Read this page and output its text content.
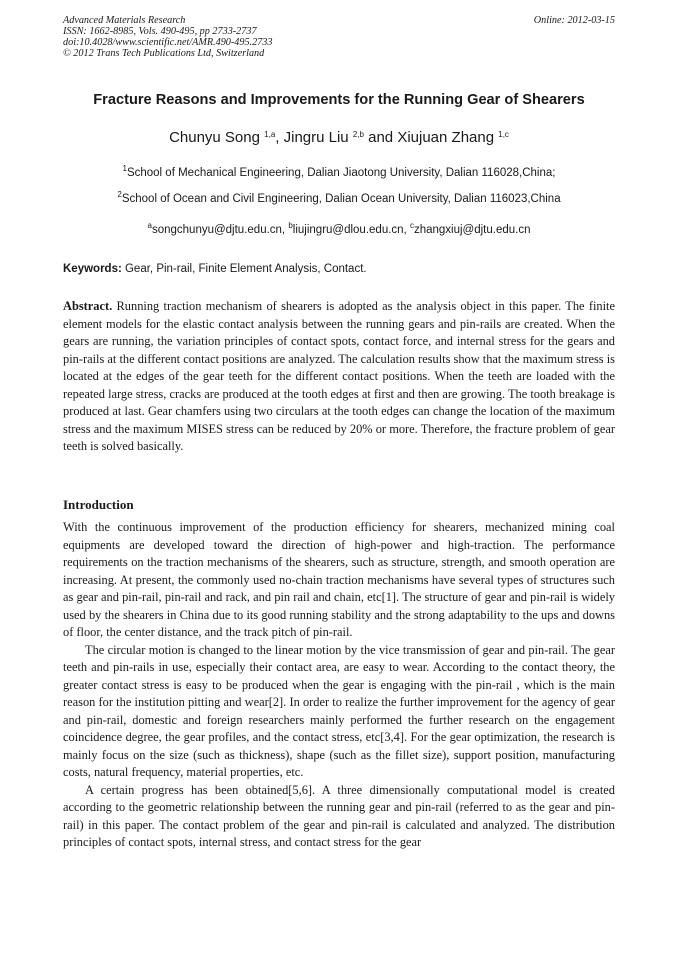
Advanced Materials Research
ISSN: 1662-8985, Vols. 490-495, pp 2733-2737
doi:10.4028/www.scientific.net/AMR.490-495.2733
© 2012 Trans Tech Publications Ltd, Switzerland
Online: 2012-03-15
Fracture Reasons and Improvements for the Running Gear of Shearers
Chunyu Song $^{1,a}$, Jingru Liu $^{2,b}$ and Xiujuan Zhang $^{1,c}$
$^1$School of Mechanical Engineering, Dalian Jiaotong University, Dalian 116028,China;
$^2$School of Ocean and Civil Engineering, Dalian Ocean University, Dalian 116023,China
$^a$songchunyu@djtu.edu.cn, $^b$liujingru@dlou.edu.cn, $^c$zhangxiuj@djtu.edu.cn
Keywords: Gear, Pin-rail, Finite Element Analysis, Contact.

Abstract. Running traction mechanism of shearers is adopted as the analysis object in this paper. The finite element models for the elastic contact analysis between the running gears and pin-rails are created. When the gears are running, the variation principles of contact spots, contact force, and internal stress for the gears and pin-rails at the different contact positions are analyzed. The calculation results show that the maximum stress is located at the edges of the gear teeth for the different contact positions. When the teeth are loaded with the repeated large stress, cracks are produced at the tooth edges at first and then are growing. The tooth breakage is produced at last. Gear chamfers using two circulars at the tooth edges can change the location of the maximum stress and the maximum MISES stress can be reduced by 20% or more. Therefore, the fracture problem of gear teeth is solved basically.

Introduction

With the continuous improvement of the production efficiency for shearers, mechanized mining coal equipments are developed toward the direction of high-power and high-traction. The performance requirements on the traction mechanisms of the shearers, such as structure, strength, and smooth operation are increasing. At present, the commonly used no-chain traction mechanisms have several types of structures such as gear and pin-rail, pin-rail and rack, and pin rail and chain, etc[1]. The structure of gear and pin-rail is widely used by the shearers in China due to its good running stability and the strong adaptability to the ups and downs of floor, the center distance, and the track pitch of pin-rail.

The circular motion is changed to the linear motion by the vice transmission of gear and pin-rail. The gear teeth and pin-rails in use, especially their contact area, are easy to wear. According to the contact theory, the greater contact stress is easy to be produced when the gear is engaging with the pin-rail , which is the main reason for the institution pitting and wear[2]. In order to realize the further improvement for the agency of gear and pin-rail, domestic and foreign researchers mainly performed the further research on the engagement coincidence degree, the gear profiles, and the contact stress, etc[3,4]. For the gear optimization, the research is mainly focus on the size (such as thickness), shape (such as the fillet size), support position, manufacturing costs, natural frequency, material properties, etc.

A certain progress has been obtained[5,6]. A three dimensionally computational model is created according to the geometric relationship between the running gear and pin-rail (referred to as the gear and pin-rail) in this paper. The contact problem of the gear and pin-rail is calculated and analyzed. The distribution principles of contact spots, internal stress, and contact stress for the gear
